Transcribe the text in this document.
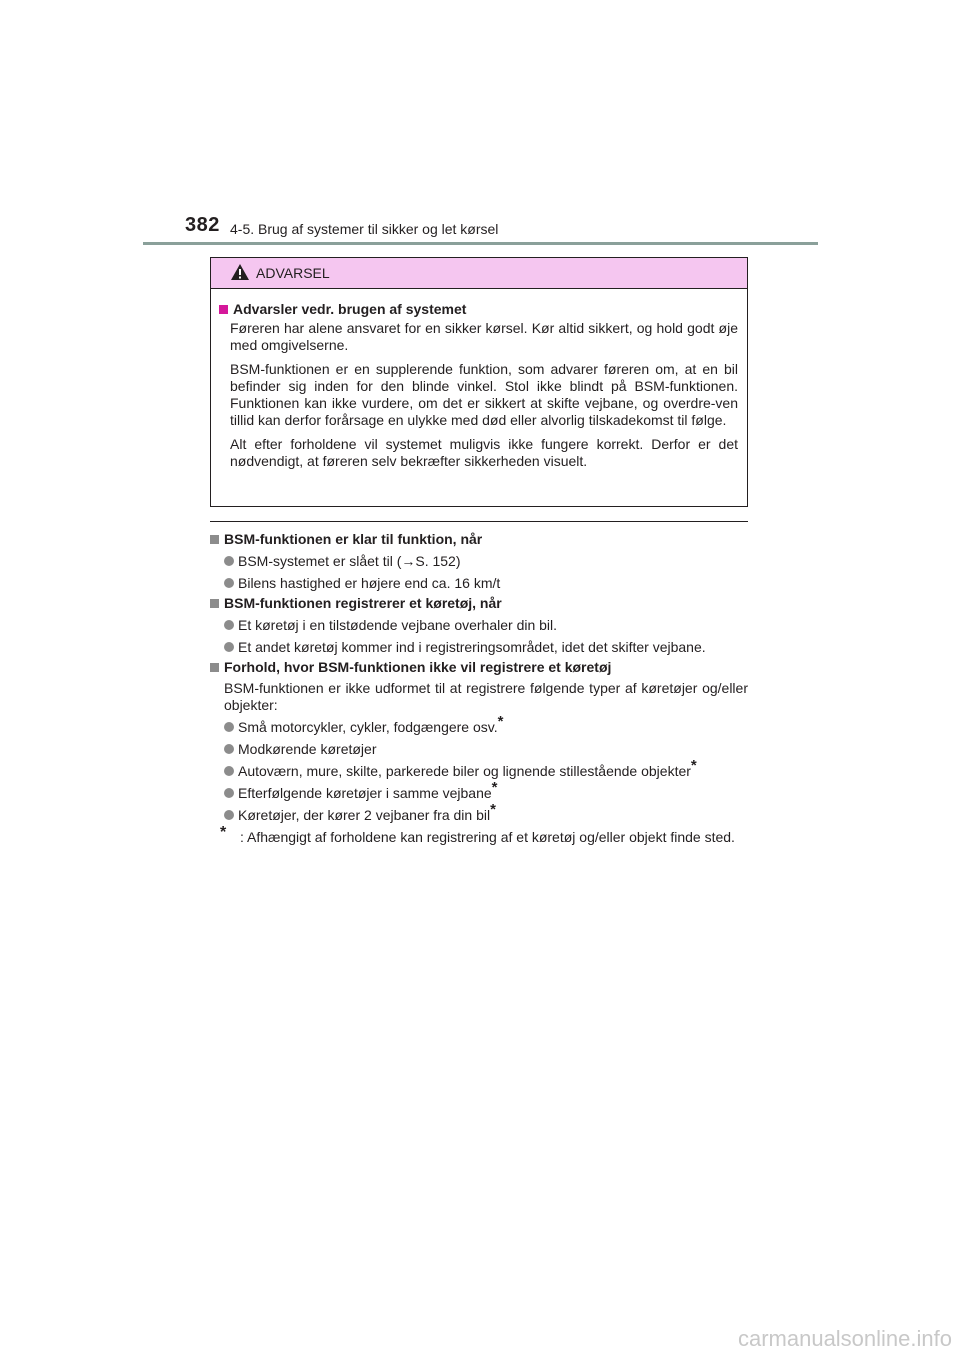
382 4-5. Brug af systemer til sikker og let kørsel
ADVARSEL
Advarsler vedr. brugen af systemet

Føreren har alene ansvaret for en sikker kørsel. Kør altid sikkert, og hold godt øje med omgivelserne.

BSM-funktionen er en supplerende funktion, som advarer føreren om, at en bil befinder sig inden for den blinde vinkel. Stol ikke blindt på BSM-funktionen. Funktionen kan ikke vurdere, om det er sikkert at skifte vejbane, og overdre-ven tillid kan derfor forårsage en ulykke med død eller alvorlig tilskadekomst til følge.

Alt efter forholdene vil systemet muligvis ikke fungere korrekt. Derfor er det nødvendigt, at føreren selv bekræfter sikkerheden visuelt.

BSM-funktionen er klar til funktion, når
BSM-systemet er slået til (→S. 152)
Bilens hastighed er højere end ca. 16 km/t
BSM-funktionen registrerer et køretøj, når
Et køretøj i en tilstødende vejbane overhaler din bil.
Et andet køretøj kommer ind i registreringsområdet, idet det skifter vejbane.
Forhold, hvor BSM-funktionen ikke vil registrere et køretøj

BSM-funktionen er ikke udformet til at registrere følgende typer af køretøjer og/eller objekter:

Små motorcykler, cykler, fodgængere osv.*
Modkørende køretøjer
Autoværn, mure, skilte, parkerede biler og lignende stillestående objekter*
Efterfølgende køretøjer i samme vejbane*
Køretøjer, der kører 2 vejbaner fra din bil*
* : Afhængigt af forholdene kan registrering af et køretøj og/eller objekt finde sted.
carmanualsonline.info
